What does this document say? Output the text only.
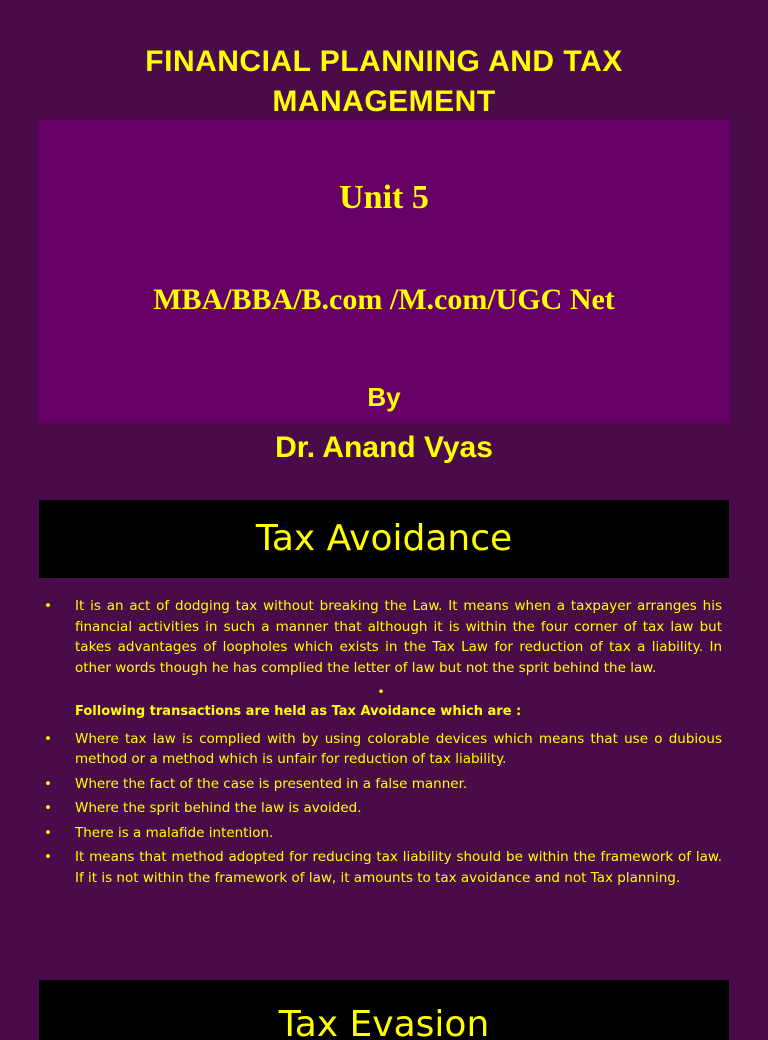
FINANCIAL PLANNING AND TAX
MANAGEMENT
Unit 5
MBA/BBA/B.com /M.com/UGC Net
By
Dr. Anand Vyas
Tax Avoidance
• It is an act of dodging tax without breaking the Law. It means when a taxpayer arranges his financial activities in such a manner that although it is within the four corner of tax law but takes advantages of loopholes which exists in the Tax Law for reduction of tax a liability. In other words though he has complied the letter of law but not the sprit behind the law.
•
Following transactions are held as Tax Avoidance which are :
• Where tax law is complied with by using colorable devices which means that use o dubious method or a method which is unfair for reduction of tax liability.
• Where the fact of the case is presented in a false manner.
• Where the sprit behind the law is avoided.
• There is a malafide intention.
• It means that method adopted for reducing tax liability should be within the framework of law. If it is not within the framework of law, it amounts to tax avoidance and not Tax planning.
Tax Evasion
